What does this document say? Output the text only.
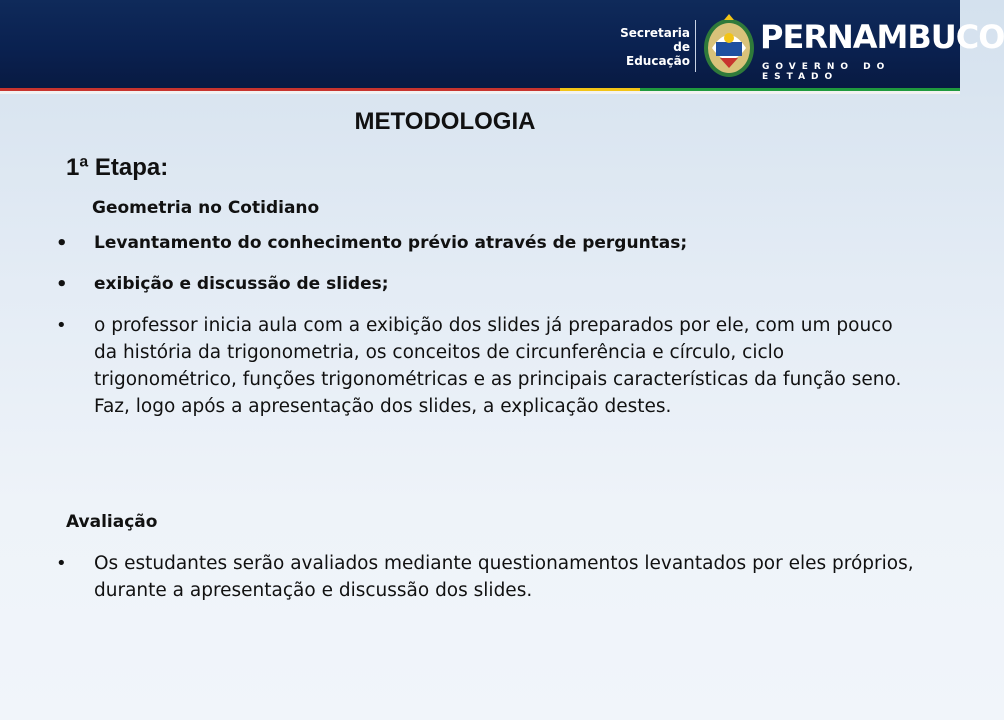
Secretaria de
Educação
PERNAMBUCO
GOVERNO DO ESTADO
METODOLOGIA
1ª Etapa:
Geometria no Cotidiano
• Levantamento do conhecimento prévio através de perguntas;
• exibição e discussão de slides;
• o professor inicia aula com a exibição dos slides já preparados por ele, com um pouco da história da trigonometria, os conceitos de circunferência e círculo, ciclo trigonométrico, funções trigonométricas e as principais características da função seno. Faz, logo após a apresentação dos slides, a explicação destes.
Avaliação
• Os estudantes serão avaliados mediante questionamentos levantados por eles próprios, durante a apresentação e discussão dos slides.
